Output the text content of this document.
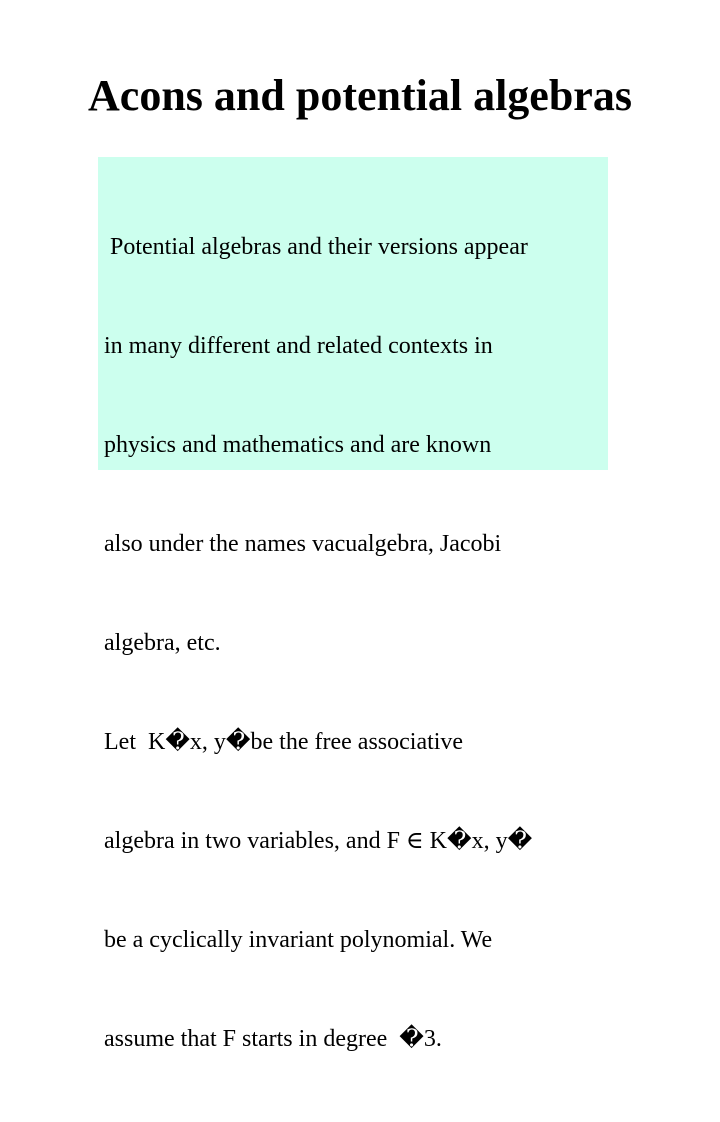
Acons and potential algebras

Potential algebras and their versions appear

in many different and related contexts in

physics and mathematics and are known

also under the names vacualgebra, Jacobi

algebra, etc.

Let  K�x, y�be the free associative

algebra in two variables, and F ∈ K�x, y�

be a cyclically invariant polynomial. We

assume that F starts in degree  �3.
